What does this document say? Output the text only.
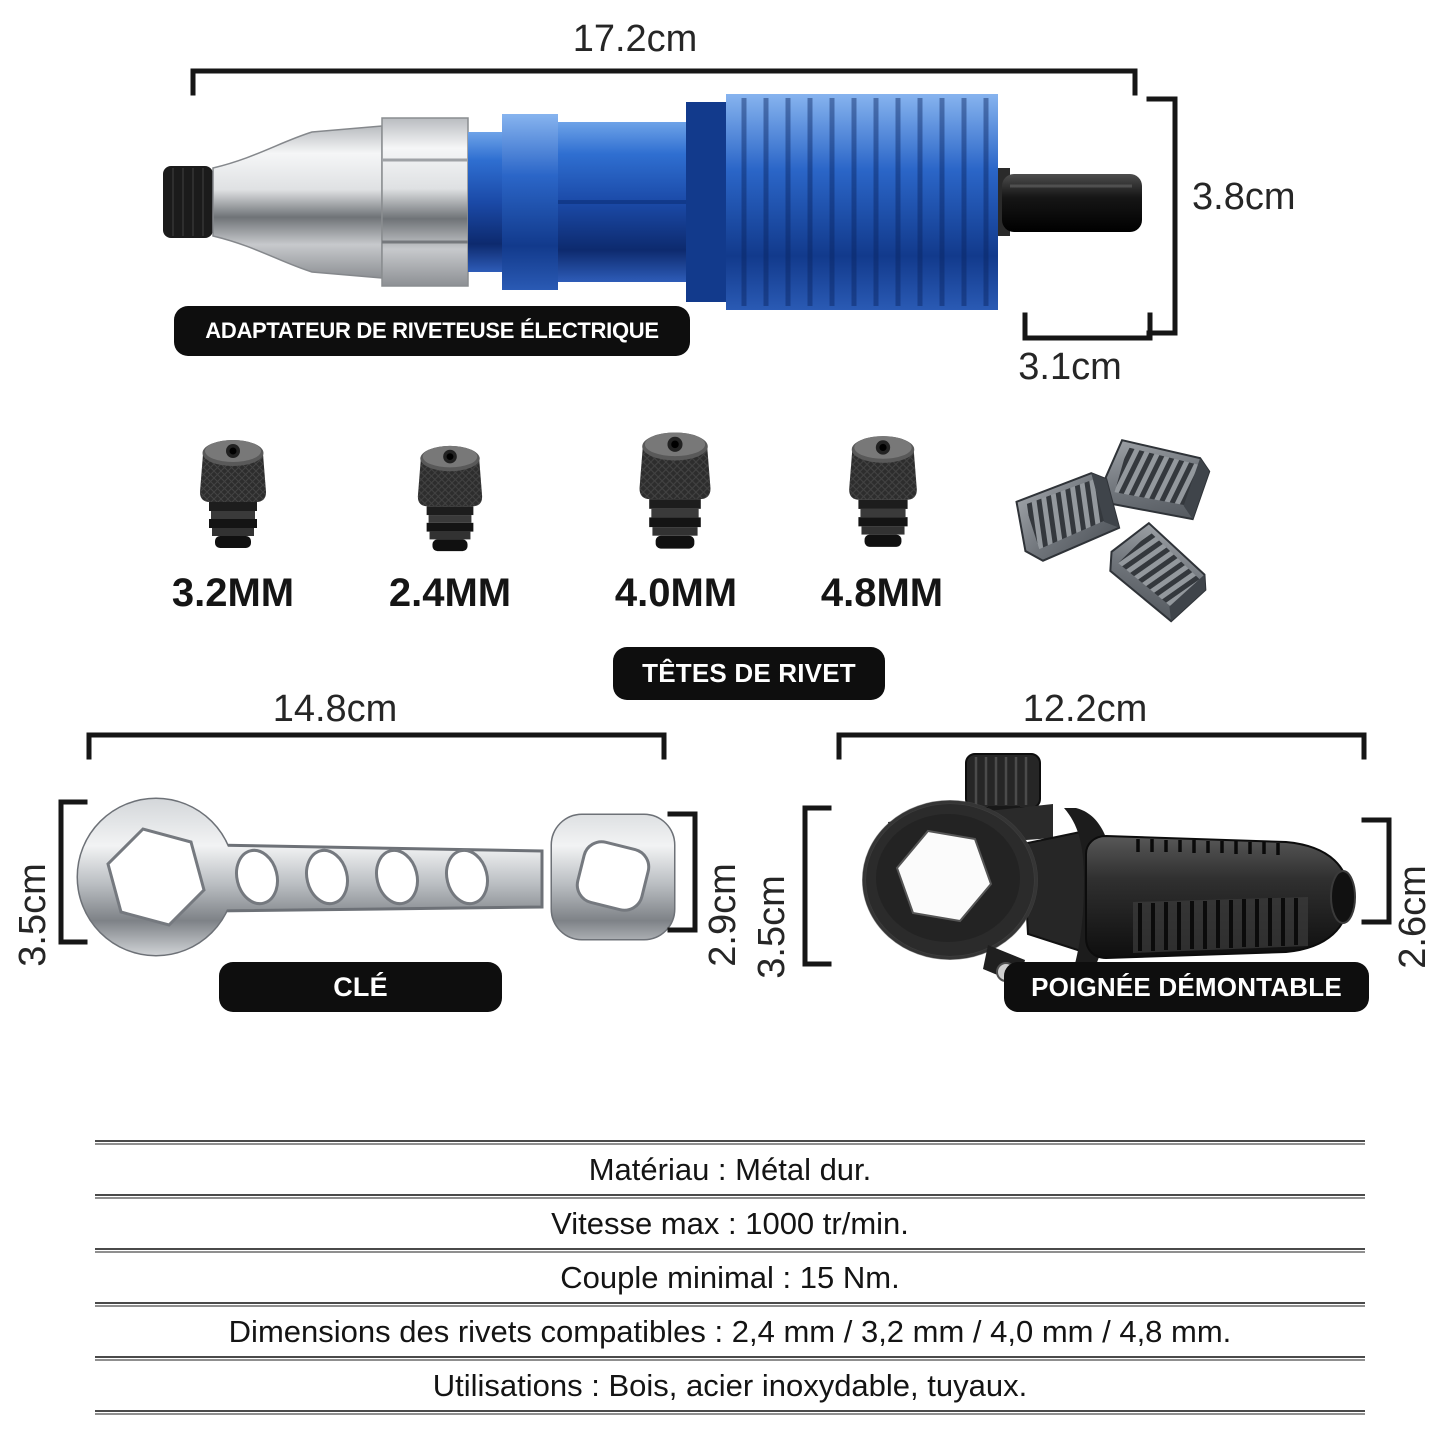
17.2cm
3.8cm
3.1cm
ADAPTATEUR DE RIVETEUSE ÉLECTRIQUE
3.2MM	2.4MM	4.0MM	4.8MM
TÊTES DE RIVET
14.8cm
3.5cm	2.9cm
CLÉ
12.2cm
3.5cm	2.6cm
POIGNÉE DÉMONTABLE
Matériau : Métal dur.
Vitesse max : 1000 tr/min.
Couple minimal : 15 Nm.
Dimensions des rivets compatibles : 2,4 mm / 3,2 mm / 4,0 mm / 4,8 mm.
Utilisations : Bois, acier inoxydable, tuyaux.
